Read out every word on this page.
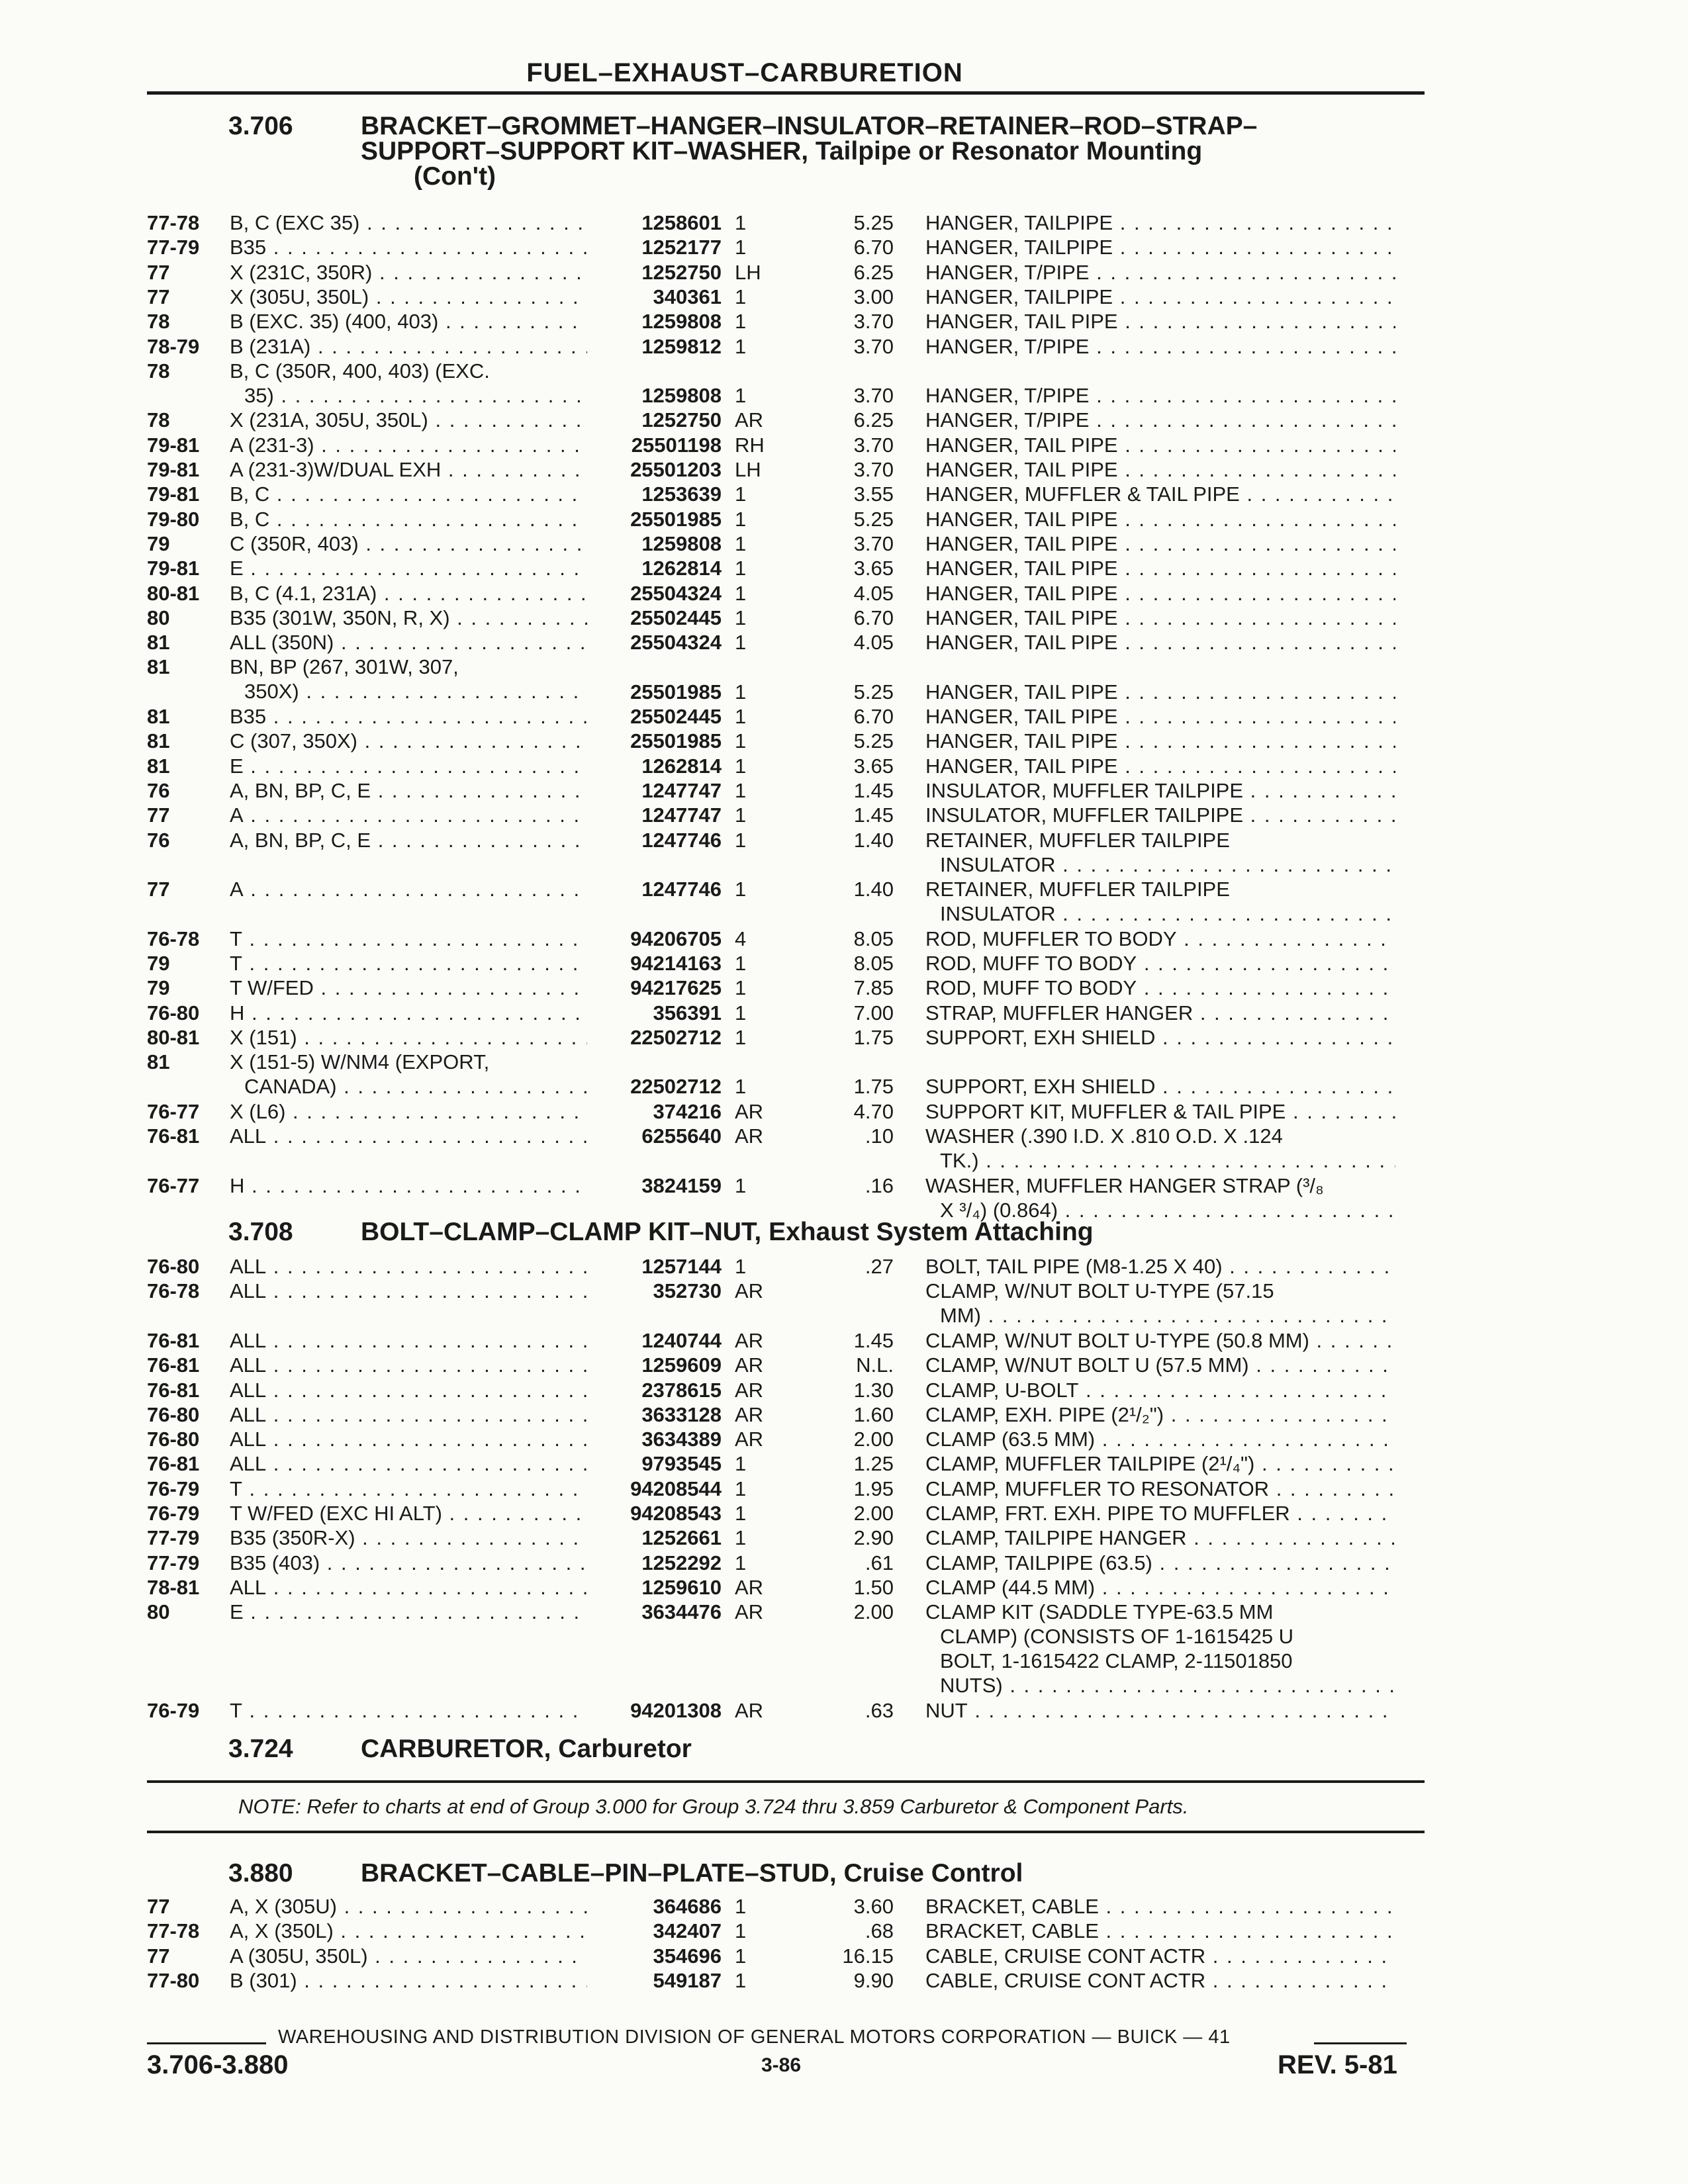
FUEL–EXHAUST–CARBURETION
3.706	BRACKET–GROMMET–HANGER–INSULATOR–RETAINER–ROD–STRAP–
SUPPORT–SUPPORT KIT–WASHER, Tailpipe or Resonator Mounting
(Con't)
77-78	B, C (EXC 35) . . .	1258601 1	5.25 HANGER, TAILPIPE . . .
77-79	B35 . . .	1252177 1	6.70 HANGER, TAILPIPE . . .
77	X (231C, 350R) . . .	1252750 LH	6.25 HANGER, T/PIPE . . .
77	X (305U, 350L) . . .	340361 1	3.00 HANGER, TAILPIPE . . .
78	B (EXC. 35) (400, 403) . . .	1259808 1	3.70 HANGER, TAIL PIPE . . .
78-79	B (231A) . . .	1259812 1	3.70 HANGER, T/PIPE . . .
78	B, C (350R, 400, 403) (EXC.
35) . . .	1259808 1	3.70 HANGER, T/PIPE . . .
78	X (231A, 305U, 350L) . . .	1252750 AR	6.25 HANGER, T/PIPE . . .
79-81	A (231-3) . . .	25501198 RH	3.70 HANGER, TAIL PIPE . . .
79-81	A (231-3)W/DUAL EXH . . .	25501203 LH	3.70 HANGER, TAIL PIPE . . .
79-81	B, C . . .	1253639 1	3.55 HANGER, MUFFLER & TAIL PIPE . . .
79-80	B, C . . .	25501985 1	5.25 HANGER, TAIL PIPE . . .
79	C (350R, 403) . . .	1259808 1	3.70 HANGER, TAIL PIPE . . .
79-81	E . . .	1262814 1	3.65 HANGER, TAIL PIPE . . .
80-81	B, C (4.1, 231A) . . .	25504324 1	4.05 HANGER, TAIL PIPE . . .
80	B35 (301W, 350N, R, X) . . .	25502445 1	6.70 HANGER, TAIL PIPE . . .
81	ALL (350N) . . .	25504324 1	4.05 HANGER, TAIL PIPE . . .
81	BN, BP (267, 301W, 307,
350X) . . .	25501985 1	5.25 HANGER, TAIL PIPE . . .
81	B35 . . .	25502445 1	6.70 HANGER, TAIL PIPE . . .
81	C (307, 350X) . . .	25501985 1	5.25 HANGER, TAIL PIPE . . .
81	E . . .	1262814 1	3.65 HANGER, TAIL PIPE . . .
76	A, BN, BP, C, E . . .	1247747 1	1.45 INSULATOR, MUFFLER TAILPIPE . . .
77	A . . .	1247747 1	1.45 INSULATOR, MUFFLER TAILPIPE . . .
76	A, BN, BP, C, E . . .	1247746 1	1.40 RETAINER, MUFFLER TAILPIPE
INSULATOR . . .
77	A . . .	1247746 1	1.40 RETAINER, MUFFLER TAILPIPE
INSULATOR . . .
76-78	T . . .	94206705 4	8.05 ROD, MUFFLER TO BODY . . .
79	T . . .	94214163 1	8.05 ROD, MUFF TO BODY . . .
79	T W/FED . . .	94217625 1	7.85 ROD, MUFF TO BODY . . .
76-80	H . . .	356391 1	7.00 STRAP, MUFFLER HANGER . . .
80-81	X (151) . . .	22502712 1	1.75 SUPPORT, EXH SHIELD . . .
81	X (151-5) W/NM4 (EXPORT,
CANADA) . . .	22502712 1	1.75 SUPPORT, EXH SHIELD . . .
76-77	X (L6) . . .	374216 AR	4.70 SUPPORT KIT, MUFFLER & TAIL PIPE . . .
76-81	ALL . . .	6255640 AR	.10 WASHER (.390 I.D. X .810 O.D. X .124
TK.) . . .
76-77	H . . .	3824159 1	.16 WASHER, MUFFLER HANGER STRAP (³/₈
X ³/₄) (0.864) . . .
3.708	BOLT–CLAMP–CLAMP KIT–NUT, Exhaust System Attaching
76-80	ALL . . .	1257144 1	.27 BOLT, TAIL PIPE (M8-1.25 X 40) . . .
76-78	ALL . . .	352730 AR	CLAMP, W/NUT BOLT U-TYPE (57.15
MM) . . .
76-81	ALL . . .	1240744 AR	1.45 CLAMP, W/NUT BOLT U-TYPE (50.8 MM) . . .
76-81	ALL . . .	1259609 AR	N.L. CLAMP, W/NUT BOLT U (57.5 MM) . . .
76-81	ALL . . .	2378615 AR	1.30 CLAMP, U-BOLT . . .
76-80	ALL . . .	3633128 AR	1.60 CLAMP, EXH. PIPE (2¹/₂") . . .
76-80	ALL . . .	3634389 AR	2.00 CLAMP (63.5 MM) . . .
76-81	ALL . . .	9793545 1	1.25 CLAMP, MUFFLER TAILPIPE (2¹/₄") . . .
76-79	T . . .	94208544 1	1.95 CLAMP, MUFFLER TO RESONATOR . . .
76-79	T W/FED (EXC HI ALT) . . .	94208543 1	2.00 CLAMP, FRT. EXH. PIPE TO MUFFLER . . .
77-79	B35 (350R-X) . . .	1252661 1	2.90 CLAMP, TAILPIPE HANGER . . .
77-79	B35 (403) . . .	1252292 1	.61 CLAMP, TAILPIPE (63.5) . . .
78-81	ALL . . .	1259610 AR	1.50 CLAMP (44.5 MM) . . .
80	E . . .	3634476 AR	2.00 CLAMP KIT (SADDLE TYPE-63.5 MM
CLAMP) (CONSISTS OF 1-1615425 U
BOLT, 1-1615422 CLAMP, 2-11501850
NUTS) . . .
76-79	T . . .	94201308 AR	.63 NUT . . .
3.724	CARBURETOR, Carburetor
NOTE: Refer to charts at end of Group 3.000 for Group 3.724 thru 3.859 Carburetor & Component Parts.
3.880	BRACKET–CABLE–PIN–PLATE–STUD, Cruise Control
77	A, X (305U) . . .	364686 1	3.60 BRACKET, CABLE . . .
77-78	A, X (350L) . . .	342407 1	.68 BRACKET, CABLE . . .
77	A (305U, 350L) . . .	354696 1	16.15 CABLE, CRUISE CONT ACTR . . .
77-80	B (301) . . .	549187 1	9.90 CABLE, CRUISE CONT ACTR . . .
WAREHOUSING AND DISTRIBUTION DIVISION OF GENERAL MOTORS CORPORATION — BUICK — 41
3.706-3.880	3-86	REV. 5-81
